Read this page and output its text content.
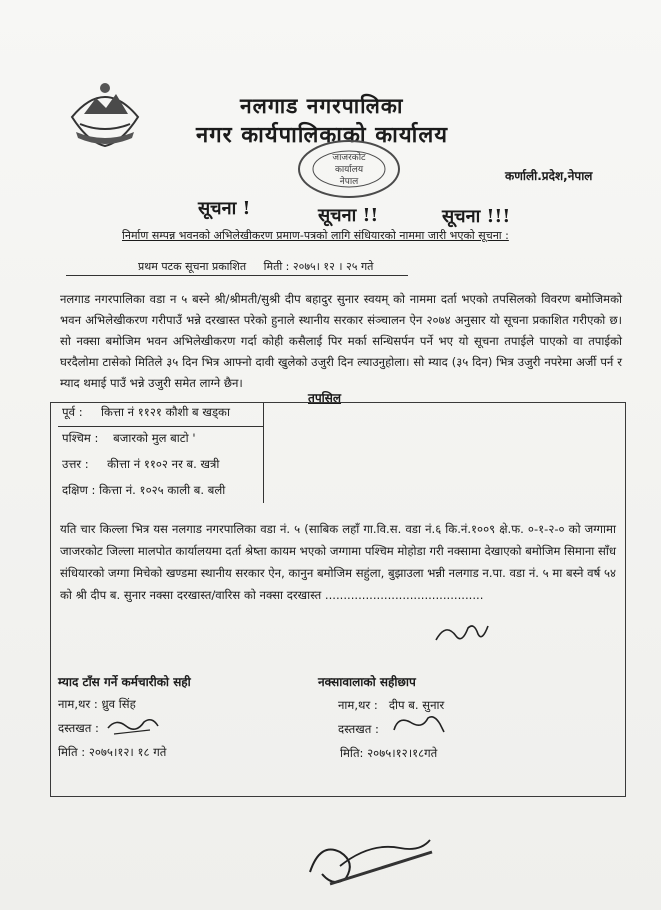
नलगाड नगरपालिका
नगर कार्यपालिकाको कार्यालय
जाजरकोट
कार्यालय
नेपाल	कर्णाली.प्रदेश,नेपाल
सूचना !	सूचना !!	सूचना !!!
निर्माण सम्पन्न भवनको अभिलेखीकरण प्रमाण-पत्रको लागि संधियारको नाममा जारी भएको सूचना :
प्रथम पटक सूचना प्रकाशित मिती : २०७५। १२ । २५ गते
नलगाड नगरपालिका वडा न ५ बस्ने श्री/श्रीमती/सुश्री दीप बहादुर सुनार स्वयम् को नाममा दर्ता भएको तपसिलको विवरण बमोजिमको भवन अभिलेखीकरण गरीपाउँ भन्ने दरखास्त परेको हुनाले स्थानीय सरकार संञ्चालन ऐन २०७४ अनुसार यो सूचना प्रकाशित गरीएको छ। सो नक्सा बमोजिम भवन अभिलेखीकरण गर्दा कोही कसैलाई पिर मर्का सन्धिसर्पन पर्ने भए यो सूचना तपाईले पाएको वा तपाईको घरदैलोमा टासेको मितिले ३५ दिन भित्र आफ्नो दावी खुलेको उजुरी दिन ल्याउनुहोला। सो म्याद (३५ दिन) भित्र उजुरी नपरेमा अर्जी पर्न र म्याद थमाई पाउँ भन्ने उजुरी समेत लाग्ने छैन।
तपसिल
पूर्व :     कित्ता नं ११२१ कौशी ब खड्का
पश्चिम :    बजारको मुल बाटो '
उत्तर :     कीत्ता नं ११०२ नर ब. खत्री
दक्षिण : कित्ता नं. १०२५ काली ब. बली
यति चार किल्ला भित्र यस नलगाड नगरपालिका वडा नं. ५ (साबिक लहाँ गा.वि.स. वडा नं.६ कि.नं.१००९ क्षे.फ. ०-१-२-० को जग्गामा जाजरकोट जिल्ला मालपोत कार्यालयमा दर्ता श्रेष्ता कायम भएको जग्गामा पश्चिम मोहोडा गरी नक्सामा देखाएको बमोजिम सिमाना साँध संधियारको जग्गा मिचेको खण्डमा स्थानीय सरकार ऐन, कानुन बमोजिम सहुंला, बुझाउला भन्नी नलगाड न.पा. वडा नं. ५ मा बस्ने वर्ष ५४ को श्री दीप ब. सुनार नक्सा दरखास्त/वारिस को नक्सा दरखास्त ...........................................
म्याद टाँस गर्ने कर्मचारीको सही
नाम,थर : ध्रुव सिंह
दस्तखत :
मिति : २०७५।१२। १८ गते
नक्सावालाको सहीछाप
नाम,थर :   दीप ब. सुनार
दस्तखत :
मिति: २०७५।१२।१८गते
